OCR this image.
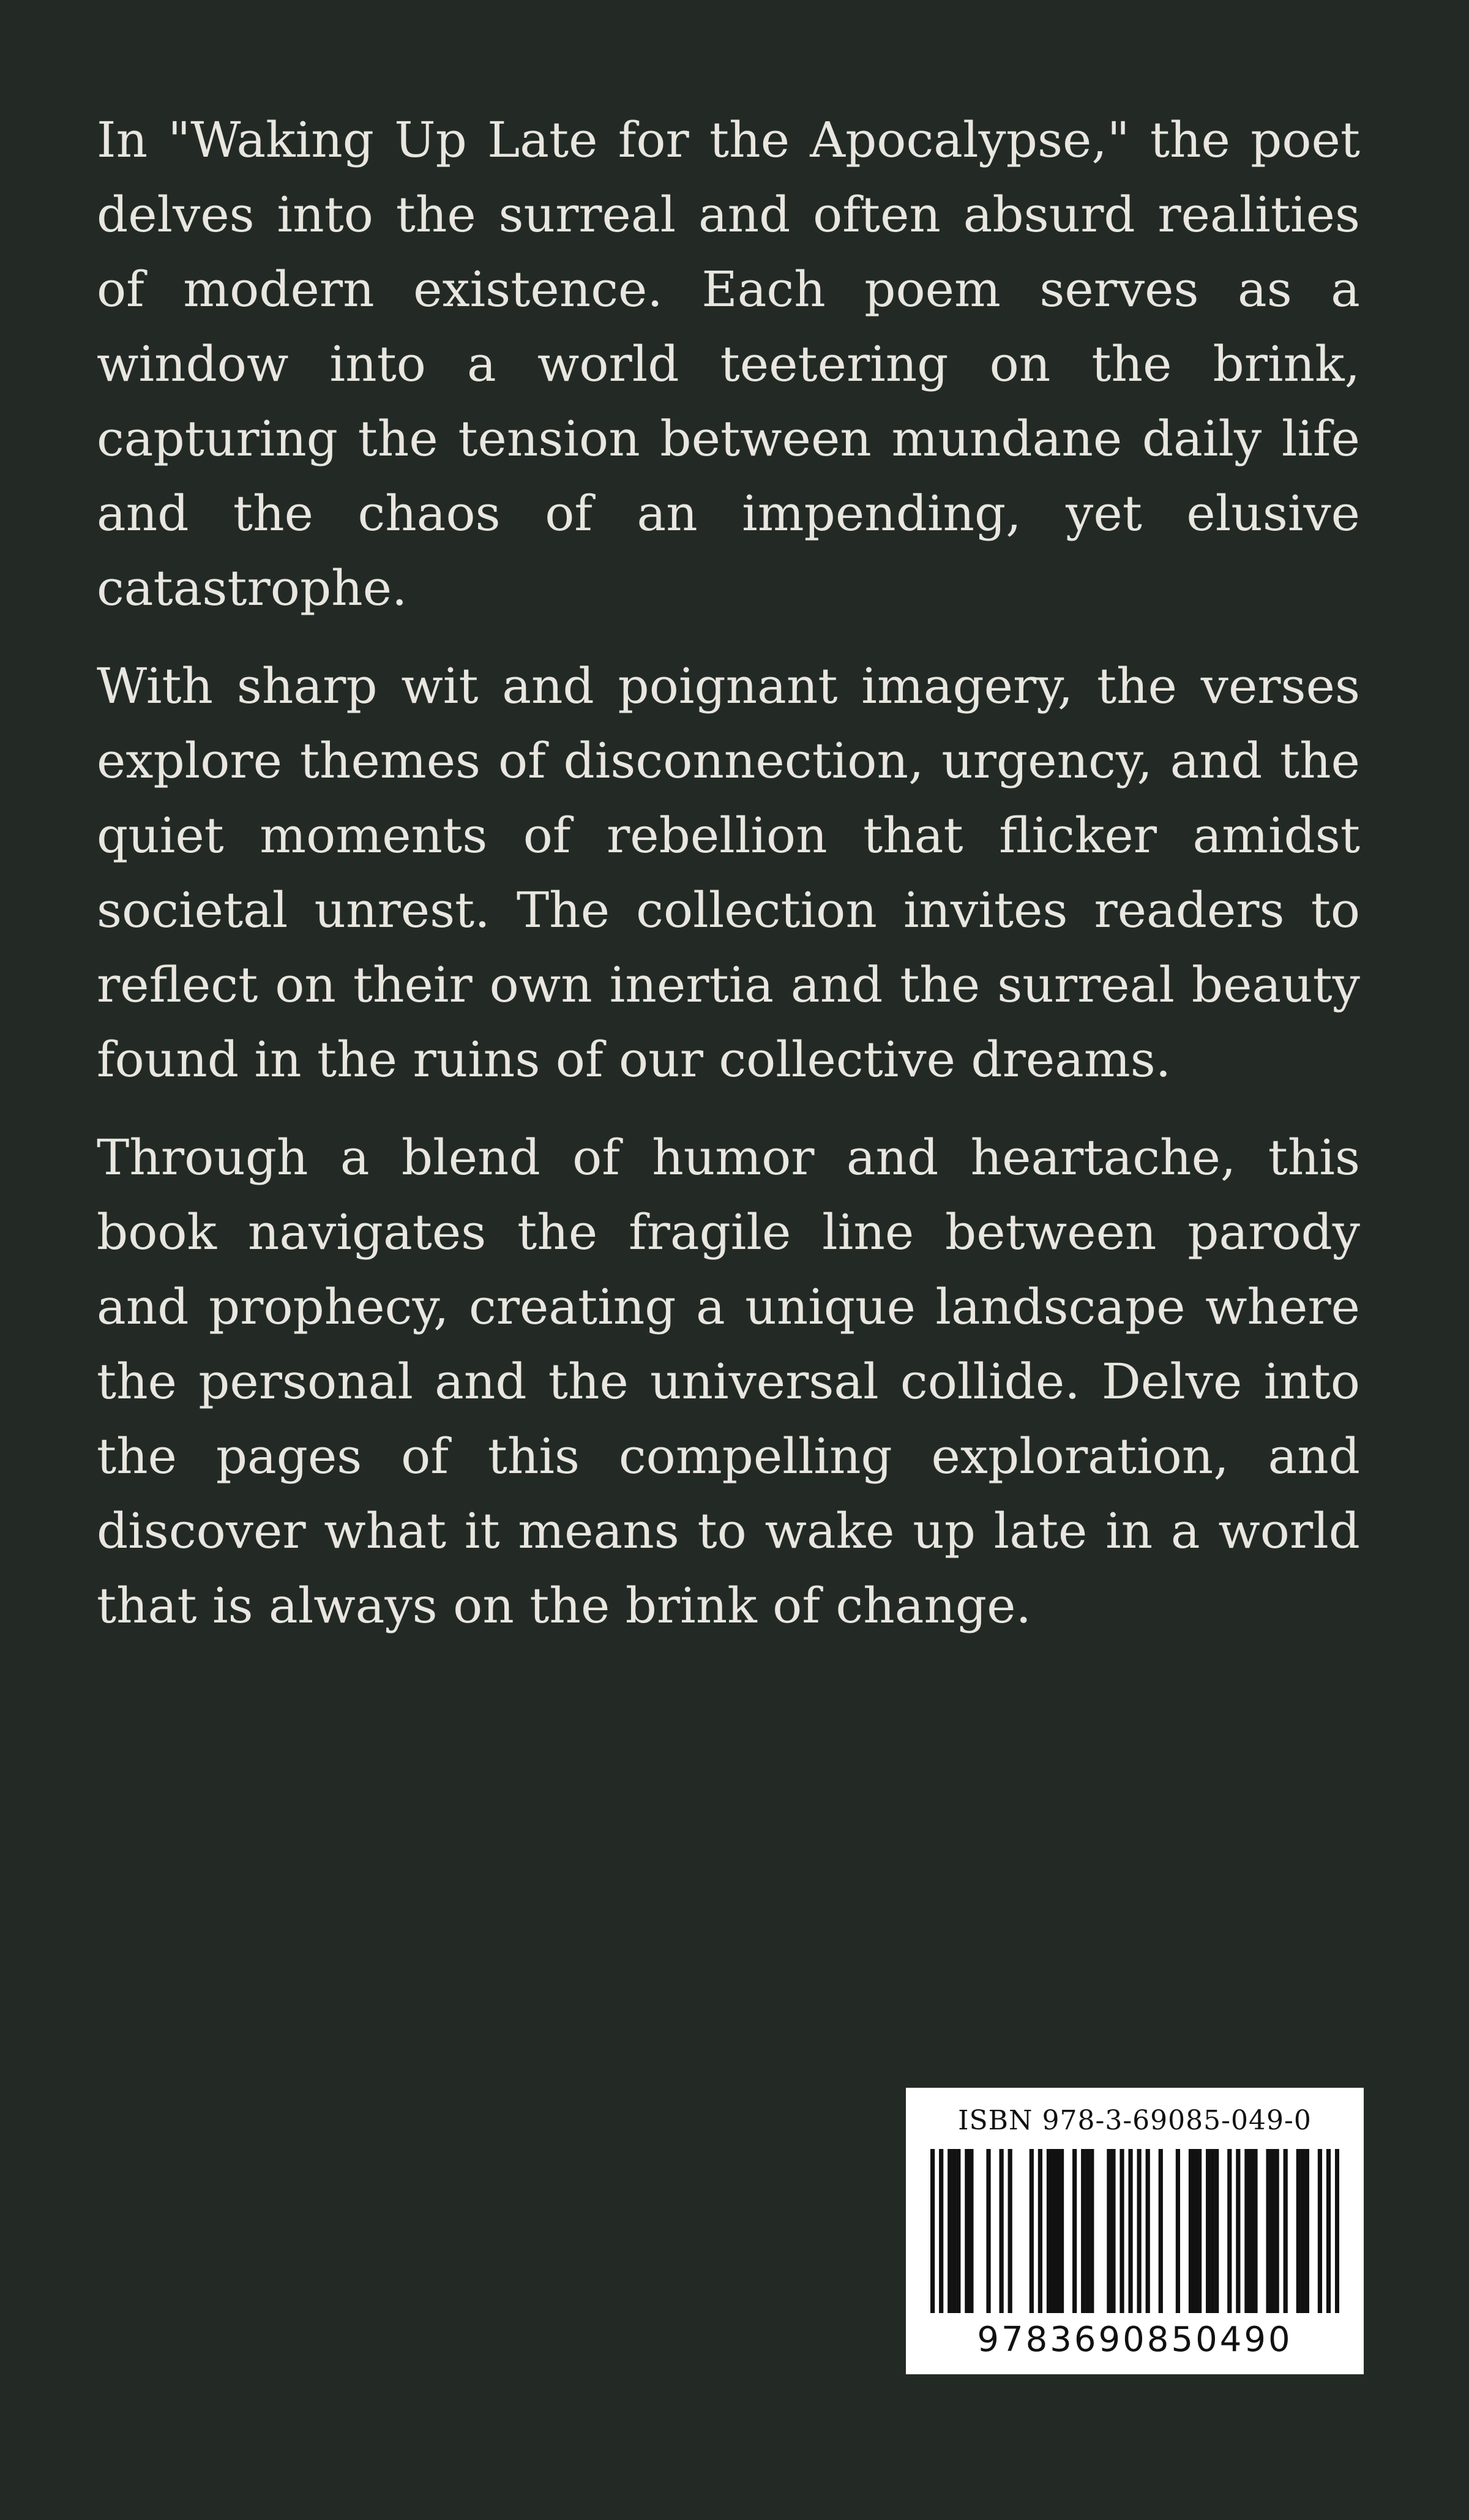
In "Waking Up Late for the Apocalypse," the poet delves into the surreal and often absurd realities of modern existence. Each poem serves as a window into a world teetering on the brink, capturing the tension between mundane daily life and the chaos of an impending, yet elusive catastrophe.

With sharp wit and poignant imagery, the verses explore themes of disconnection, urgency, and the quiet moments of rebellion that flicker amidst societal unrest. The collection invites readers to reflect on their own inertia and the surreal beauty found in the ruins of our collective dreams.

Through a blend of humor and heartache, this book navigates the fragile line between parody and prophecy, creating a unique landscape where the personal and the universal collide. Delve into the pages of this compelling exploration, and discover what it means to wake up late in a world that is always on the brink of change.

ISBN 978-3-69085-049-0
9783690850490
